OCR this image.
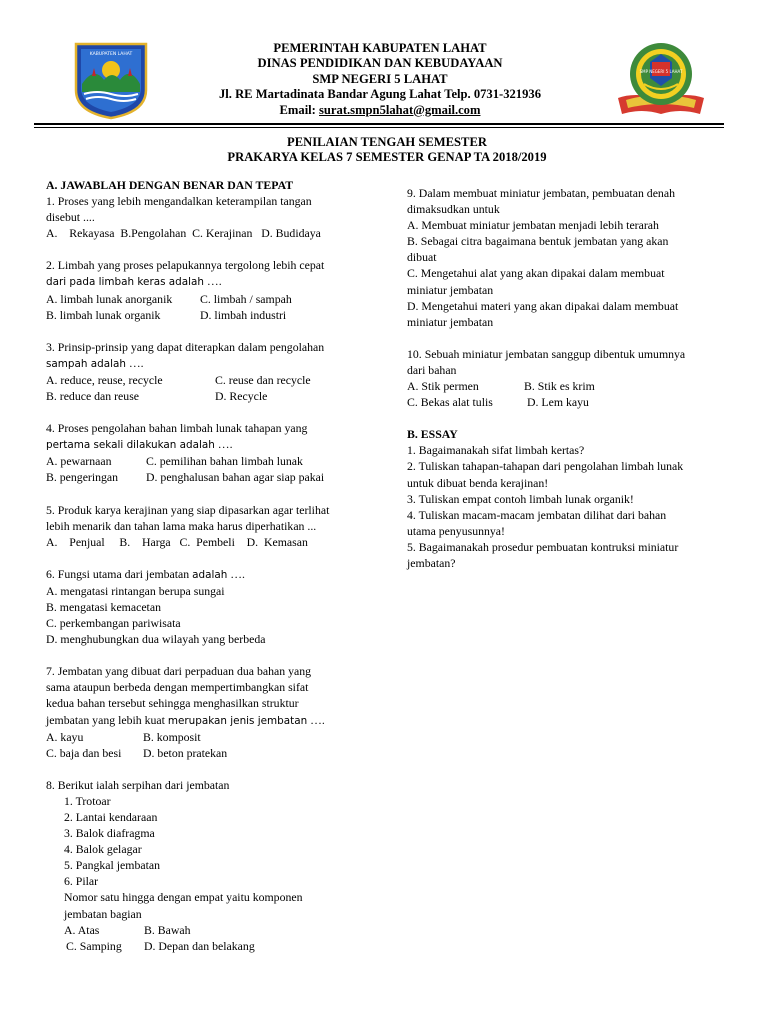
KABUPATEN LAHAT	PEMERINTAH KABUPATEN LAHAT
DINAS PENDIDIKAN DAN KEBUDAYAAN
SMP NEGERI 5 LAHAT
Jl. RE Martadinata Bandar Agung Lahat Telp. 0731-321936
Email: surat.smpn5lahat@gmail.com
SMP NEGERI 5 LAHAT
PENILAIAN TENGAH SEMESTER
PRAKARYA KELAS 7 SEMESTER GENAP TA 2018/2019

A. JAWABLAH DENGAN BENAR DAN TEPAT

1. Proses yang lebih mengandalkan keterampilan tangan

disebut ....

A.    Rekayasa  B.Pengolahan  C. Kerajinan   D. Budidaya

2. Limbah yang proses pelapukannya tergolong lebih cepat

dari pada limbah keras adalah ….

A. limbah lunak anorganik	C. limbah / sampah
B. limbah lunak organik	D. limbah industri

3. Prinsip-prinsip yang dapat diterapkan dalam pengolahan

sampah adalah ….

A. reduce, reuse, recycle	C. reuse dan recycle
B. reduce dan reuse	D. Recycle

4. Proses pengolahan bahan limbah lunak tahapan yang

pertama sekali dilakukan adalah ….

A. pewarnaan	C. pemilihan bahan limbah lunak
B. pengeringan	D. penghalusan bahan agar siap pakai

5. Produk karya kerajinan yang siap dipasarkan agar terlihat

lebih menarik dan tahan lama maka harus diperhatikan ...

A.    Penjual     B.    Harga   C.  Pembeli    D.  Kemasan

6. Fungsi utama dari jembatan adalah ….

A. mengatasi rintangan berupa sungai

B. mengatasi kemacetan

C. perkembangan pariwisata

D. menghubungkan dua wilayah yang berbeda

7. Jembatan yang dibuat dari perpaduan dua bahan yang

sama ataupun berbeda dengan mempertimbangkan sifat

kedua bahan tersebut sehingga menghasilkan struktur

jembatan yang lebih kuat merupakan jenis jembatan ….

A. kayu	B. komposit
C. baja dan besi	D. beton pratekan

8. Berikut ialah serpihan dari jembatan

1. Trotoar

2. Lantai kendaraan

3. Balok diafragma

4. Balok gelagar

5. Pangkal jembatan

6. Pilar

Nomor satu hingga dengan empat yaitu komponen

jembatan bagian

A. Atas	B. Bawah
C. Samping	D. Depan dan belakang

9. Dalam membuat miniatur jembatan, pembuatan denah

dimaksudkan untuk

A. Membuat miniatur jembatan menjadi lebih terarah

B. Sebagai citra bagaimana bentuk jembatan yang akan

dibuat

C. Mengetahui alat yang akan dipakai dalam membuat

miniatur jembatan

D. Mengetahui materi yang akan dipakai dalam membuat

miniatur jembatan

10. Sebuah miniatur jembatan sanggup dibentuk umumnya

dari bahan

A. Stik permen	B. Stik es krim
C. Bekas alat tulis	D. Lem kayu

B. ESSAY

1. Bagaimanakah sifat limbah kertas?

2. Tuliskan tahapan-tahapan dari pengolahan limbah lunak

untuk dibuat benda kerajinan!

3. Tuliskan empat contoh limbah lunak organik!

4. Tuliskan macam-macam jembatan dilihat dari bahan

utama penyusunnya!

5. Bagaimanakah prosedur pembuatan kontruksi miniatur

jembatan?
